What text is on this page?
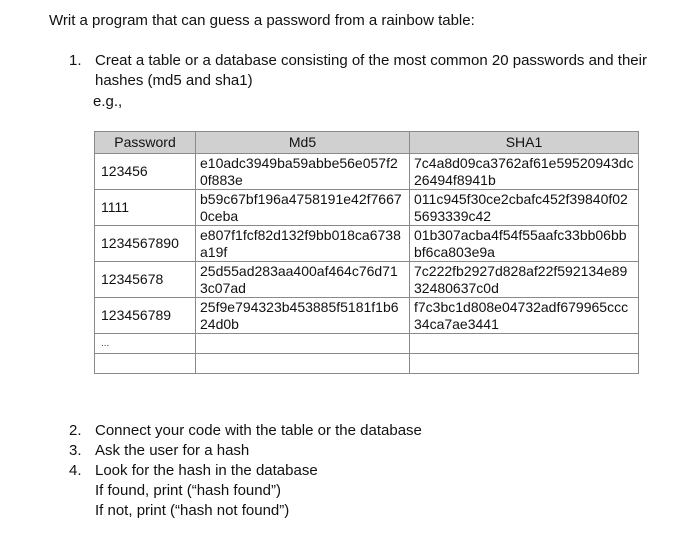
Writ a program that can guess a password from a rainbow table:
1. Creat a table or a database consisting of the most common 20 passwords and their
hashes (md5 and sha1)
e.g.,
Password	Md5	SHA1
123456	e10adc3949ba59abbe56e057f20f883e	7c4a8d09ca3762af61e59520943dc26494f8941b
1111	b59c67bf196a4758191e42f76670ceba	011c945f30ce2cbafc452f39840f025693339c42
1234567890	e807f1fcf82d132f9bb018ca6738a19f	01b307acba4f54f55aafc33bb06bbbf6ca803e9a
12345678	25d55ad283aa400af464c76d713c07ad	7c222fb2927d828af22f592134e8932480637c0d
123456789	25f9e794323b453885f5181f1b624d0b	f7c3bc1d808e04732adf679965ccc34ca7ae3441
...		

2. Connect your code with the table or the database
3. Ask the user for a hash
4. Look for the hash in the database
If found, print (“hash found”)
If not, print (“hash not found”)
